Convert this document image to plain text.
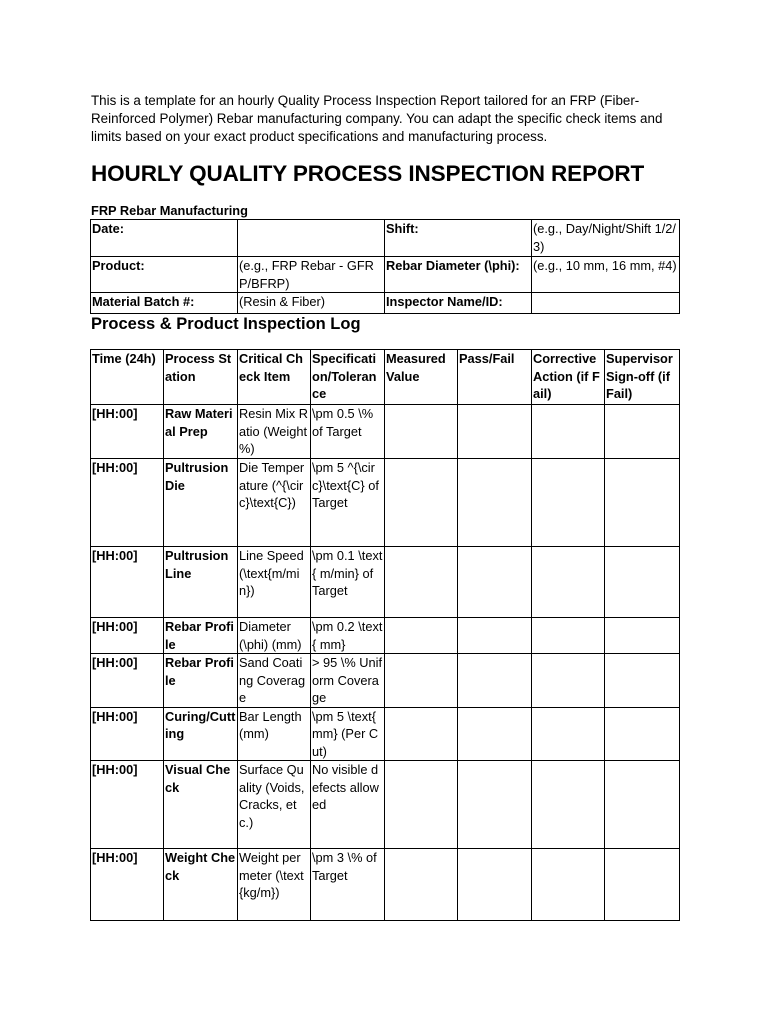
This is a template for an hourly Quality Process Inspection Report tailored for an FRP (Fiber-Reinforced Polymer) Rebar manufacturing company. You can adapt the specific check items and limits based on your exact product specifications and manufacturing process.

HOURLY QUALITY PROCESS INSPECTION REPORT
FRP Rebar Manufacturing
Date:		Shift:	(e.g., Day/Night/Shift 1/2/3)
Product:	(e.g., FRP Rebar - GFRP/BFRP)	Rebar Diameter (\phi):	(e.g., 10 mm, 16 mm, #4)
Material Batch #:	(Resin & Fiber)	Inspector Name/ID:	
Process & Product Inspection Log
Time (24h)	Process Station	Critical Check Item	Specification/Tolerance	Measured Value	Pass/Fail	Corrective Action (if Fail)	Supervisor Sign-off (if Fail)
[HH:00]	Raw Material Prep	Resin Mix Ratio (Weight %)	\pm 0.5 \% of Target				
[HH:00]	Pultrusion Die	Die Temperature (^{\circ}\text{C})	\pm 5 ^{\circ}\text{C} of Target				
[HH:00]	Pultrusion Line	Line Speed (\text{m/min})	\pm 0.1 \text{ m/min} of Target				
[HH:00]	Rebar Profile	Diameter (\phi) (mm)	\pm 0.2 \text{ mm}				
[HH:00]	Rebar Profile	Sand Coating Coverage	> 95 \% Uniform Coverage				
[HH:00]	Curing/Cutting	Bar Length (mm)	\pm 5 \text{ mm} (Per Cut)				
[HH:00]	Visual Check	Surface Quality (Voids, Cracks, etc.)	No visible defects allowed				
[HH:00]	Weight Check	Weight per meter (\text{kg/m})	\pm 3 \% of Target				
